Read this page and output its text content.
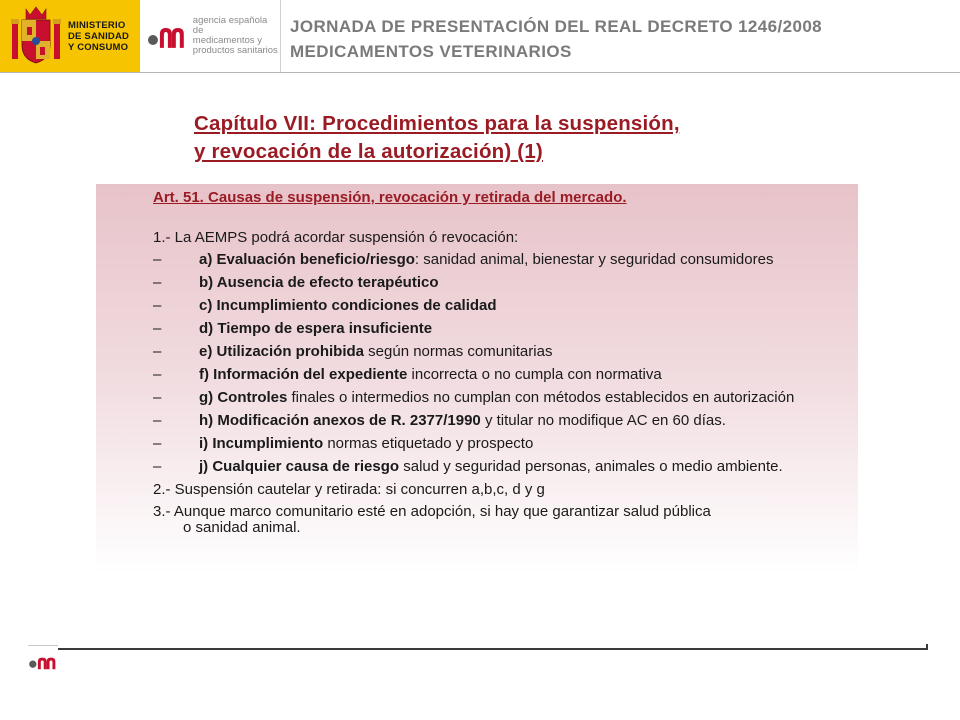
MINISTERIO
DE SANIDAD
Y CONSUMO
agencia española de
medicamentos y
productos sanitarios
JORNADA DE PRESENTACIÓN DEL REAL DECRETO 1246/2008
MEDICAMENTOS VETERINARIOS
Capítulo VII: Procedimientos para la suspensión,
y revocación de la autorización) (1)
Art. 51. Causas de suspensión, revocación y retirada del mercado.
1.- La AEMPS podrá acordar suspensión ó revocación:
–	a) Evaluación beneficio/riesgo: sanidad animal, bienestar y seguridad consumidores
–	b) Ausencia de efecto terapéutico
–	c) Incumplimiento condiciones de calidad
–	d) Tiempo de espera insuficiente
–	e) Utilización prohibida según normas comunitarias
–	f) Información del expediente incorrecta o no cumpla con normativa
–	g) Controles finales o intermedios no cumplan con métodos establecidos en autorización
–	h) Modificación anexos de R. 2377/1990 y titular no modifique AC en 60 días.
–	i) Incumplimiento normas etiquetado y prospecto
–	j) Cualquier causa de riesgo salud y seguridad personas, animales o medio ambiente.
2.- Suspensión cautelar y retirada: si concurren a,b,c, d y g
3.- Aunque marco comunitario esté en adopción, si hay que garantizar salud pública
o sanidad animal.
